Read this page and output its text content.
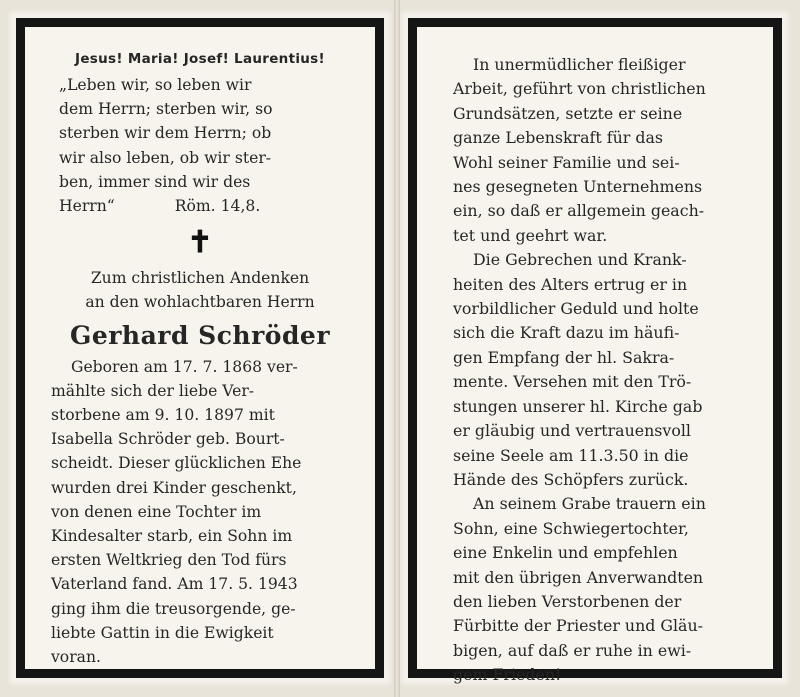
Jesus! Maria! Josef! Laurentius!

„Leben wir, so leben wir

dem Herrn; sterben wir, so

sterben wir dem Herrn; ob

wir also leben, ob wir ster-

ben, immer sind wir des

Herrn“	Röm. 14,8.
✝

Zum christlichen Andenken

an den wohlachtbaren Herrn

Gerhard Schröder

Geboren am 17. 7. 1868 ver-

mählte sich der liebe Ver-

storbene am 9. 10. 1897 mit

Isabella Schröder geb. Bourt-

scheidt. Dieser glücklichen Ehe

wurden drei Kinder geschenkt,

von denen eine Tochter im

Kindesalter starb, ein Sohn im

ersten Weltkrieg den Tod fürs

Vaterland fand. Am 17. 5. 1943

ging ihm die treusorgende, ge-

liebte Gattin in die Ewigkeit

voran.

In unermüdlicher fleißiger

Arbeit, geführt von christlichen

Grundsätzen, setzte er seine

ganze Lebenskraft für das

Wohl seiner Familie und sei-

nes gesegneten Unternehmens

ein, so daß er allgemein geach-

tet und geehrt war.

Die Gebrechen und Krank-

heiten des Alters ertrug er in

vorbildlicher Geduld und holte

sich die Kraft dazu im häufi-

gen Empfang der hl. Sakra-

mente. Versehen mit den Trö-

stungen unserer hl. Kirche gab

er gläubig und vertrauensvoll

seine Seele am 11.3.50 in die

Hände des Schöpfers zurück.

An seinem Grabe trauern ein

Sohn, eine Schwiegertochter,

eine Enkelin und empfehlen

mit den übrigen Anverwandten

den lieben Verstorbenen der

Fürbitte der Priester und Gläu-

bigen, auf daß er ruhe in ewi-

gem Frieden!
